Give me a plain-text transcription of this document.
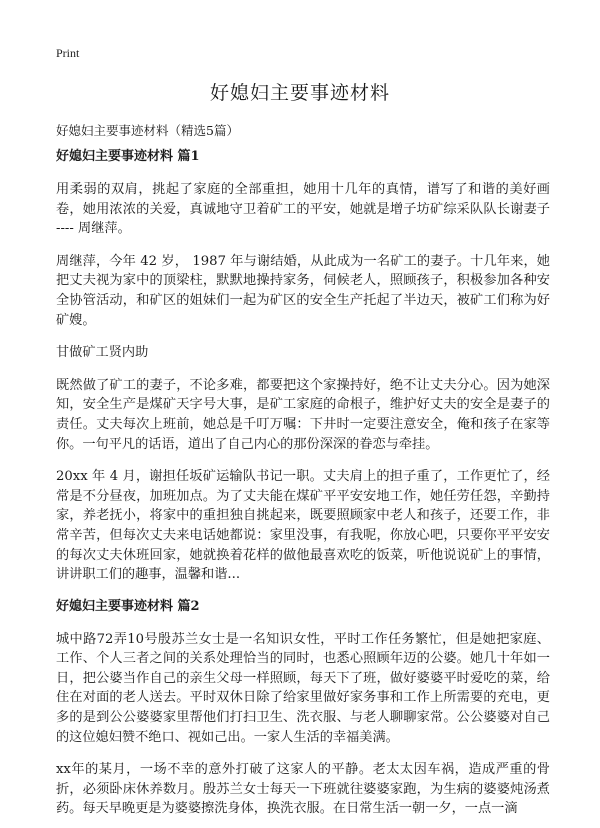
Print
好媳妇主要事迹材料

好媳妇主要事迹材料（精选5篇）

好媳妇主要事迹材料 篇1

用柔弱的双肩，挑起了家庭的全部重担，她用十几年的真情，谱写了和谐的美好画卷，她用浓浓的关爱，真诚地守卫着矿工的平安，她就是增子坊矿综采队队长谢妻子 ---- 周继萍。

周继萍，今年 42 岁， 1987 年与谢结婚，从此成为一名矿工的妻子。十几年来，她把丈夫视为家中的顶梁柱，默默地操持家务，伺候老人，照顾孩子，积极参加各种安全协管活动，和矿区的姐妹们一起为矿区的安全生产托起了半边天，被矿工们称为好矿嫂。

甘做矿工贤内助

既然做了矿工的妻子，不论多难，都要把这个家操持好，绝不让丈夫分心。因为她深知，安全生产是煤矿天字号大事，是矿工家庭的命根子，维护好丈夫的安全是妻子的责任。丈夫每次上班前，她总是千叮万嘱：下井时一定要注意安全，俺和孩子在家等你。一句平凡的话语，道出了自己内心的那份深深的眷恋与牵挂。

20xx 年 4 月，谢担任坂矿运输队书记一职。丈夫肩上的担子重了，工作更忙了，经常是不分昼夜，加班加点。为了丈夫能在煤矿平平安安地工作，她任劳任怨，辛勤持家，养老抚小，将家中的重担独自挑起来，既要照顾家中老人和孩子，还要工作，非常辛苦，但每次丈夫来电话她都说：家里没事，有我呢，你放心吧，只要你平平安安的每次丈夫休班回家，她就换着花样的做他最喜欢吃的饭菜，听他说说矿上的事情，讲讲职工们的趣事，温馨和谐...

好媳妇主要事迹材料 篇2

城中路72弄10号殷苏兰女士是一名知识女性，平时工作任务繁忙，但是她把家庭、工作、个人三者之间的关系处理恰当的同时，也悉心照顾年迈的公婆。她几十年如一日，把公婆当作自己的亲生父母一样照顾，每天下了班，做好婆婆平时爱吃的菜，给住在对面的老人送去。平时双休日除了给家里做好家务事和工作上所需要的充电，更多的是到公公婆婆家里帮他们打扫卫生、洗衣服、与老人聊聊家常。公公婆婆对自己的这位媳妇赞不绝口、视如己出。一家人生活的幸福美满。

xx年的某月，一场不幸的意外打破了这家人的平静。老太太因车祸，造成严重的骨折，必须卧床休养数月。殷苏兰女士每天一下班就往婆婆家跑，为生病的婆婆炖汤煮药。每天早晚更是为婆婆擦洗身体，换洗衣服。在日常生活一朝一夕，一点一滴
